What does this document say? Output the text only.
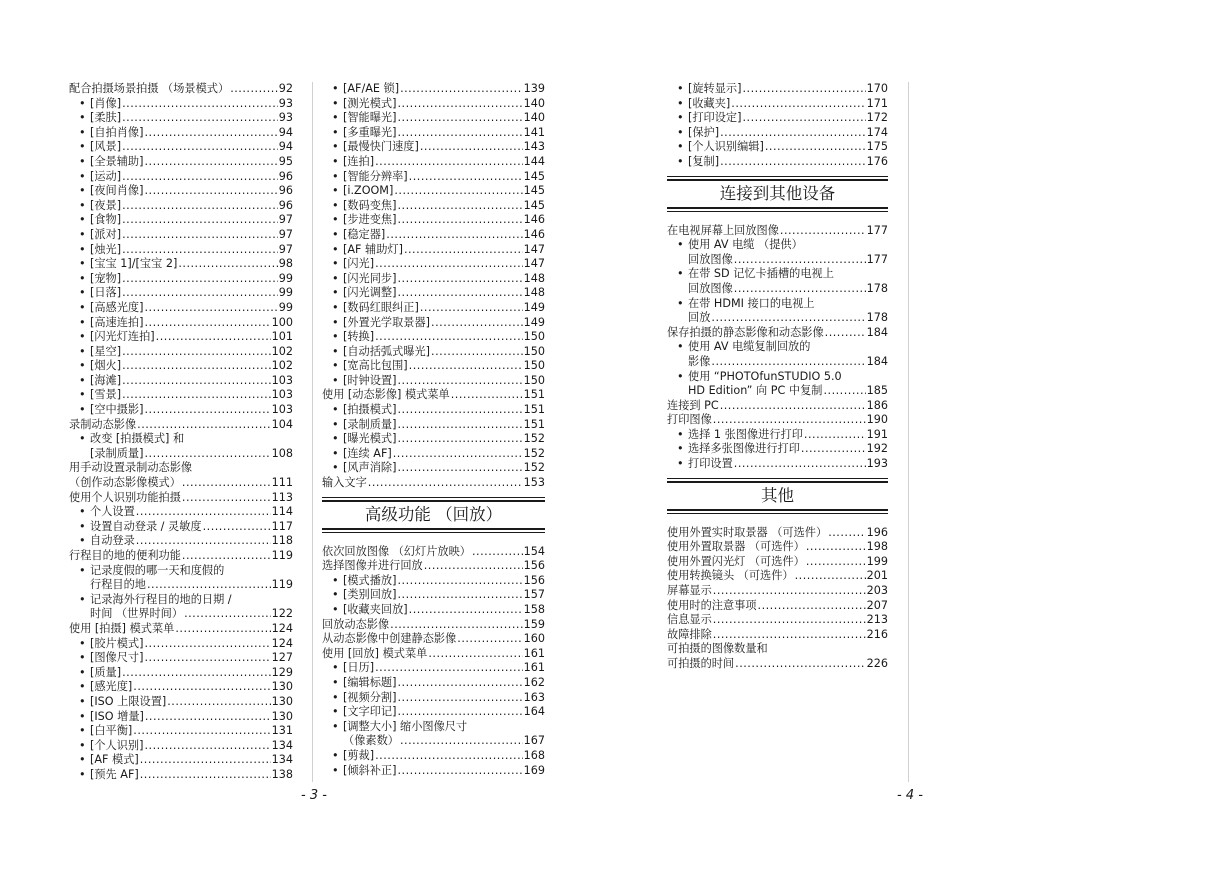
配合拍摄场景拍摄 （场景模式） .....	92
• [肖像] .....	93
• [柔肤] .....	93
• [自拍肖像] .....	94
• [风景] .....	94
• [全景辅助] .....	95
• [运动] .....	96
• [夜间肖像] .....	96
• [夜景] .....	96
• [食物] .....	97
• [派对] .....	97
• [烛光] .....	97
• [宝宝 1]/[宝宝 2] .....	98
• [宠物] .....	99
• [日落] .....	99
• [高感光度] .....	99
• [高速连拍] .....	100
• [闪光灯连拍] .....	101
• [星空] .....	102
• [烟火] .....	102
• [海滩] .....	103
• [雪景] .....	103
• [空中摄影] .....	103
录制动态影像 .....	104
• 改变 [拍摄模式] 和
[录制质量] .....	108
用手动设置录制动态影像
（创作动态影像模式） .....	111
使用个人识别功能拍摄 .....	113
• 个人设置 .....	114
• 设置自动登录 / 灵敏度 .....	117
• 自动登录 .....	118
行程目的地的便利功能 .....	119
• 记录度假的哪一天和度假的
行程目的地 .....	119
• 记录海外行程目的地的日期 /
时间 （世界时间） .....	122
使用 [拍摄] 模式菜单 .....	124
• [胶片模式] .....	124
• [图像尺寸] .....	127
• [质量] .....	129
• [感光度] .....	130
• [ISO 上限设置] .....	130
• [ISO 增量] .....	130
• [白平衡] .....	131
• [个人识别] .....	134
• [AF 模式] .....	134
• [预先 AF] .....	138
• [AF/AE 锁] .....	139
• [测光模式] .....	140
• [智能曝光] .....	140
• [多重曝光] .....	141
• [最慢快门速度] .....	143
• [连拍] .....	144
• [智能分辨率] .....	145
• [i.ZOOM] .....	145
• [数码变焦] .....	145
• [步进变焦] .....	146
• [稳定器] .....	146
• [AF 辅助灯] .....	147
• [闪光] .....	147
• [闪光同步] .....	148
• [闪光调整] .....	148
• [数码红眼纠正] .....	149
• [外置光学取景器] .....	149
• [转换] .....	150
• [自动括弧式曝光] .....	150
• [宽高比包围] .....	150
• [时钟设置] .....	150
使用 [动态影像] 模式菜单 .....	151
• [拍摄模式] .....	151
• [录制质量] .....	151
• [曝光模式] .....	152
• [连续 AF] .....	152
• [风声消除] .....	152
输入文字 .....	153
高级功能 （回放）
依次回放图像 （幻灯片放映） .....	154
选择图像并进行回放 .....	156
• [模式播放] .....	156
• [类别回放] .....	157
• [收藏夹回放] .....	158
回放动态影像 .....	159
从动态影像中创建静态影像 .....	160
使用 [回放] 模式菜单 .....	161
• [日历] .....	161
• [编辑标题] .....	162
• [视频分割] .....	163
• [文字印记] .....	164
• [调整大小] 缩小图像尺寸
（像素数） .....	167
• [剪裁] .....	168
• [倾斜补正] .....	169
• [旋转显示] .....	170
• [收藏夹] .....	171
• [打印设定] .....	172
• [保护] .....	174
• [个人识别编辑] .....	175
• [复制] .....	176
连接到其他设备
在电视屏幕上回放图像 .....	177
• 使用 AV 电缆 （提供）
回放图像 .....	177
• 在带 SD 记忆卡插槽的电视上
回放图像 .....	178
• 在带 HDMI 接口的电视上
回放 .....	178
保存拍摄的静态影像和动态影像 .....	184
• 使用 AV 电缆复制回放的
影像 .....	184
• 使用 “PHOTOfunSTUDIO 5.0
HD Edition” 向 PC 中复制 .....	185
连接到 PC .....	186
打印图像 .....	190
• 选择 1 张图像进行打印 .....	191
• 选择多张图像进行打印 .....	192
• 打印设置 .....	193
其他
使用外置实时取景器 （可选件） .....	196
使用外置取景器 （可选件） .....	198
使用外置闪光灯 （可选件） .....	199
使用转换镜头 （可选件） .....	201
屏幕显示 .....	203
使用时的注意事项 .....	207
信息显示 .....	213
故障排除 .....	216
可拍摄的图像数量和
可拍摄的时间 .....	226
- 3 -	- 4 -
